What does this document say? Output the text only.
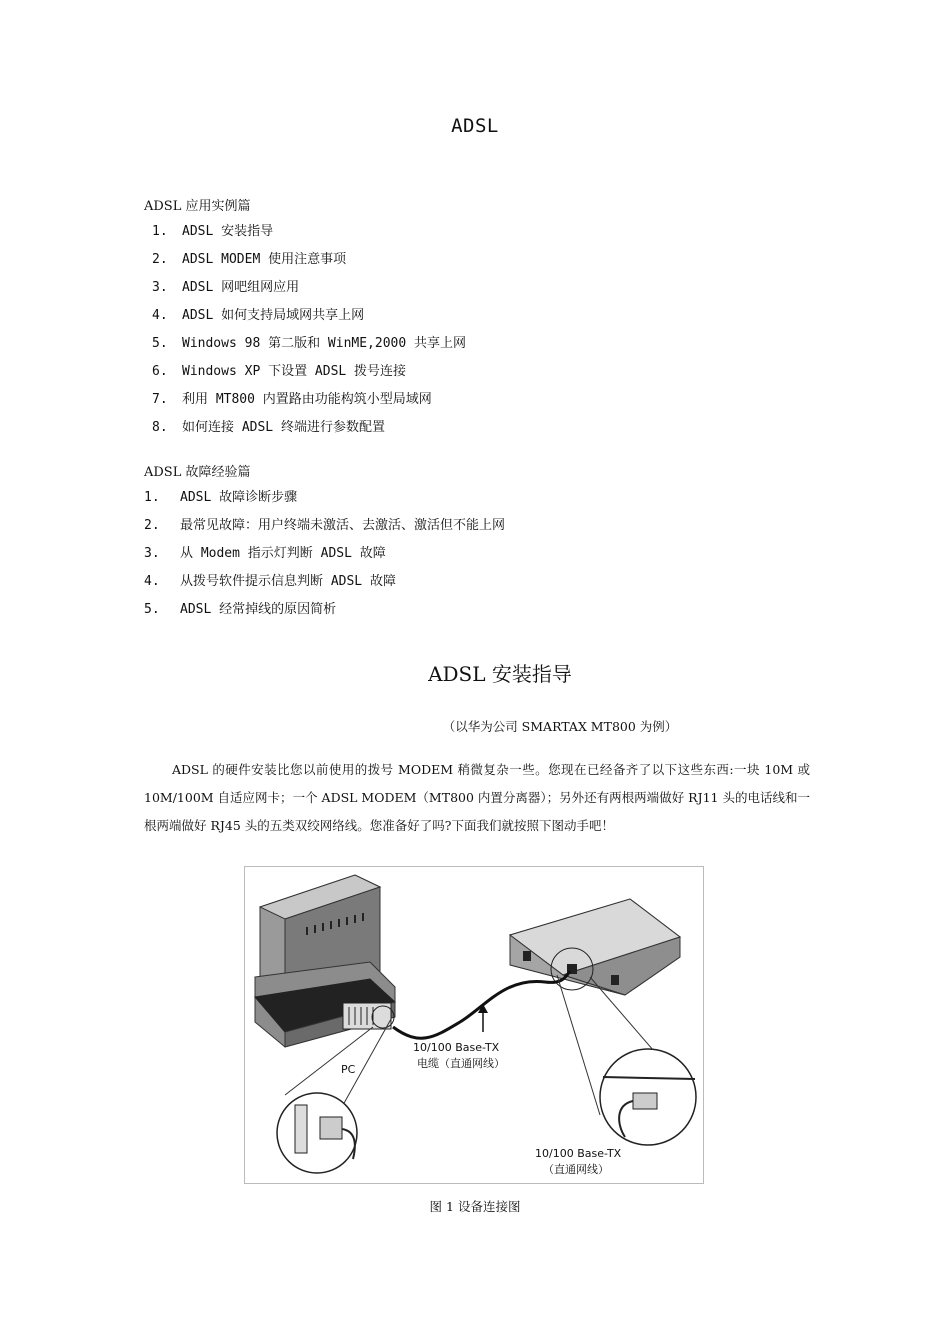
ADSL
ADSL 应用实例篇
1. ADSL 安装指导
2. ADSL MODEM 使用注意事项
3. ADSL 网吧组网应用
4. ADSL 如何支持局域网共享上网
5. Windows 98 第二版和 WinME,2000 共享上网
6. Windows XP 下设置 ADSL 拨号连接
7. 利用 MT800 内置路由功能构筑小型局域网
8. 如何连接 ADSL 终端进行参数配置
ADSL 故障经验篇
1. ADSL 故障诊断步骤
2. 最常见故障：用户终端未激活、去激活、激活但不能上网
3. 从 Modem 指示灯判断 ADSL 故障
4. 从拨号软件提示信息判断 ADSL 故障
5. ADSL 经常掉线的原因简析
ADSL 安装指导
（以华为公司 SMARTAX MT800 为例）
ADSL 的硬件安装比您以前使用的拨号 MODEM 稍微复杂一些。您现在已经备齐了以下这些东西:一块 10M 或 10M/100M 自适应网卡；一个 ADSL MODEM（MT800 内置分离器）；另外还有两根两端做好 RJ11 头的电话线和一根两端做好 RJ45 头的五类双绞网络线。您准备好了吗?下面我们就按照下图动手吧！
10/100 Base-TX
电缆（直通网线）
PC
10/100 Base-TX
（直通网线）
图 1 设备连接图
